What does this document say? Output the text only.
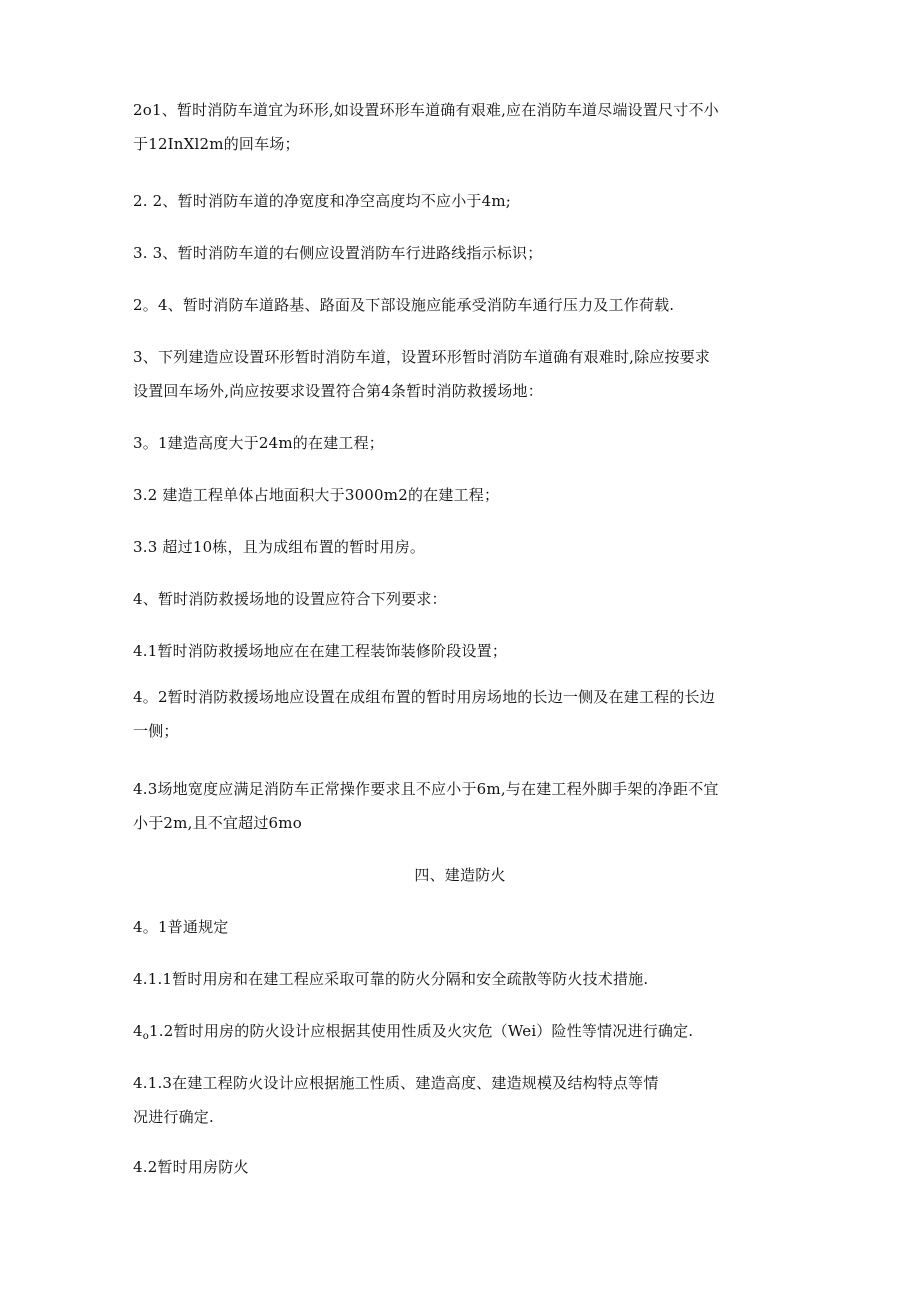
2o1、暂时消防车道宜为环形,如设置环形车道确有艰难,应在消防车道尽端设置尺寸不小
于12InXl2m的回车场；
2. 2、暂时消防车道的净宽度和净空高度均不应小于4m;
3. 3、暂时消防车道的右侧应设置消防车行进路线指示标识；
2。4、暂时消防车道路基、路面及下部设施应能承受消防车通行压力及工作荷载.
3、下列建造应设置环形暂时消防车道，设置环形暂时消防车道确有艰难时,除应按要求
设置回车场外,尚应按要求设置符合第4条暂时消防救援场地：
3。1建造高度大于24m的在建工程；
3.2 建造工程单体占地面积大于3000m2的在建工程；
3.3 超过10栋，且为成组布置的暂时用房。
4、暂时消防救援场地的设置应符合下列要求：
4.1暂时消防救援场地应在在建工程装饰装修阶段设置；
4。2暂时消防救援场地应设置在成组布置的暂时用房场地的长边一侧及在建工程的长边
一侧；
4.3场地宽度应满足消防车正常操作要求且不应小于6m,与在建工程外脚手架的净距不宜
小于2m,且不宜超过6mo
四、建造防火
4。1普通规定
4.1.1暂时用房和在建工程应采取可靠的防火分隔和安全疏散等防火技术措施.
$4_o1.2$暂时用房的防火设计应根据其使用性质及火灾危（Wei）险性等情况进行确定.
4.1.3在建工程防火设计应根据施工性质、建造高度、建造规模及结构特点等情
况进行确定.
4.2暂时用房防火
